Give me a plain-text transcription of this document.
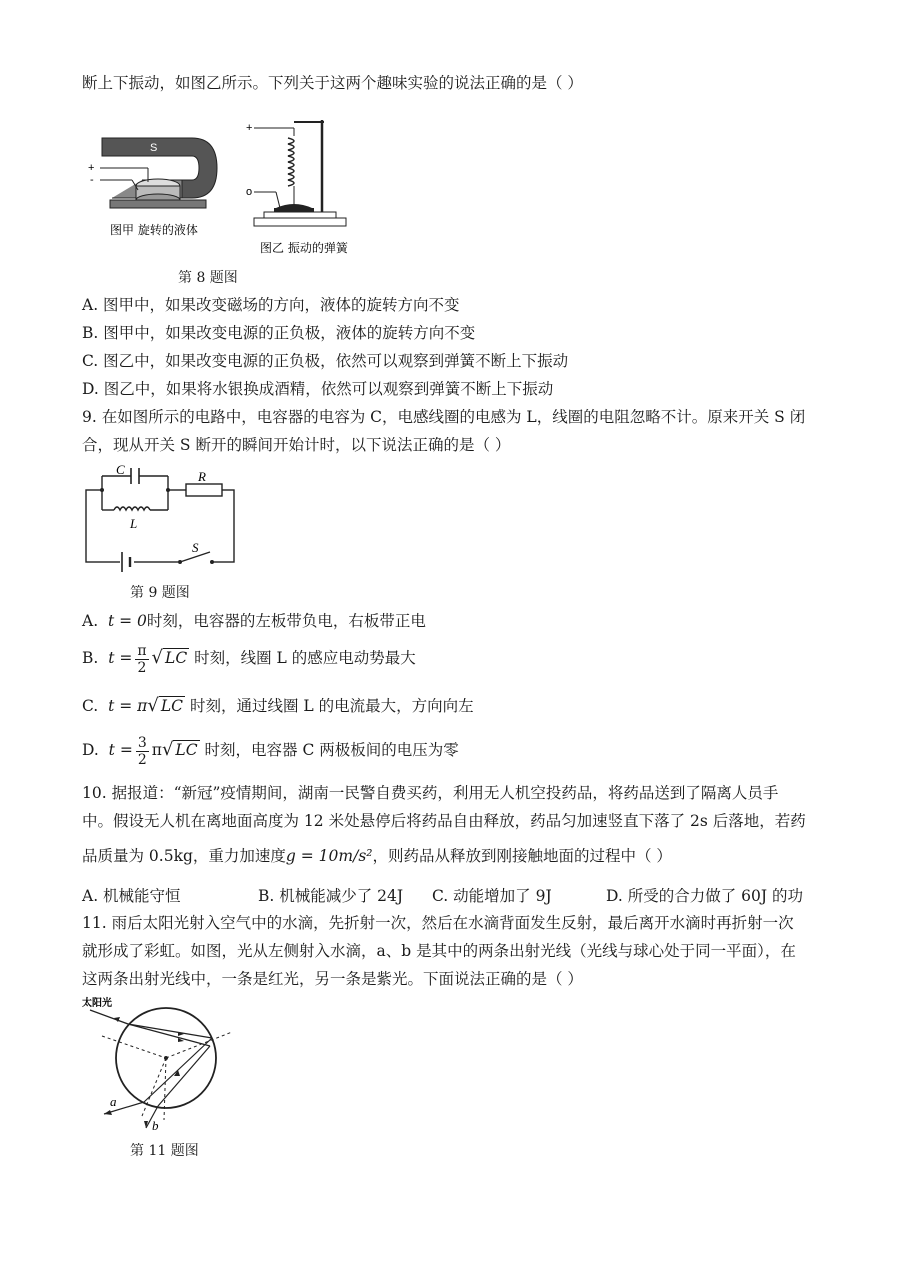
断上下振动，如图乙所示。下列关于这两个趣味实验的说法正确的是（ ）
S
+
-
图甲 旋转的液体
+
o
图乙 振动的弹簧
第 8 题图
A. 图甲中，如果改变磁场的方向，液体的旋转方向不变
B. 图甲中，如果改变电源的正负极，液体的旋转方向不变
C. 图乙中，如果改变电源的正负极，依然可以观察到弹簧不断上下振动
D. 图乙中，如果将水银换成酒精，依然可以观察到弹簧不断上下振动
9. 在如图所示的电路中，电容器的电容为 C，电感线圈的电感为 L，线圈的电阻忽略不计。原来开关 S 闭
合，现从开关 S 断开的瞬间开始计时，以下说法正确的是（ ）
C	R
L
S
第 9 题图
A. t = 0时刻，电容器的左板带负电，右板带正电
B. $t = \frac{\pi}{2}$ √ LC 时刻，线圈 L 的感应电动势最大
C. t = π√ LC 时刻，通过线圈 L 的电流最大，方向向左
D. $t = \frac{3}{2} \pi√$ LC 时刻，电容器 C 两极板间的电压为零
10. 据报道：“新冠”疫情期间，湖南一民警自费买药，利用无人机空投药品，将药品送到了隔离人员手
中。假设无人机在离地面高度为 12 米处悬停后将药品自由释放，药品匀加速竖直下落了 2s 后落地，若药
品质量为 0.5kg，重力加速度g = 10m/s²，则药品从释放到刚接触地面的过程中（ ）
A. 机械能守恒	B. 机械能减少了 24J C. 动能增加了 9J	D. 所受的合力做了 60J 的功
11. 雨后太阳光射入空气中的水滴，先折射一次，然后在水滴背面发生反射，最后离开水滴时再折射一次
就形成了彩虹。如图，光从左侧射入水滴，a、b 是其中的两条出射光线（光线与球心处于同一平面），在
这两条出射光线中，一条是红光，另一条是紫光。下面说法正确的是（ ）
太阳光
a
b
第 11 题图
